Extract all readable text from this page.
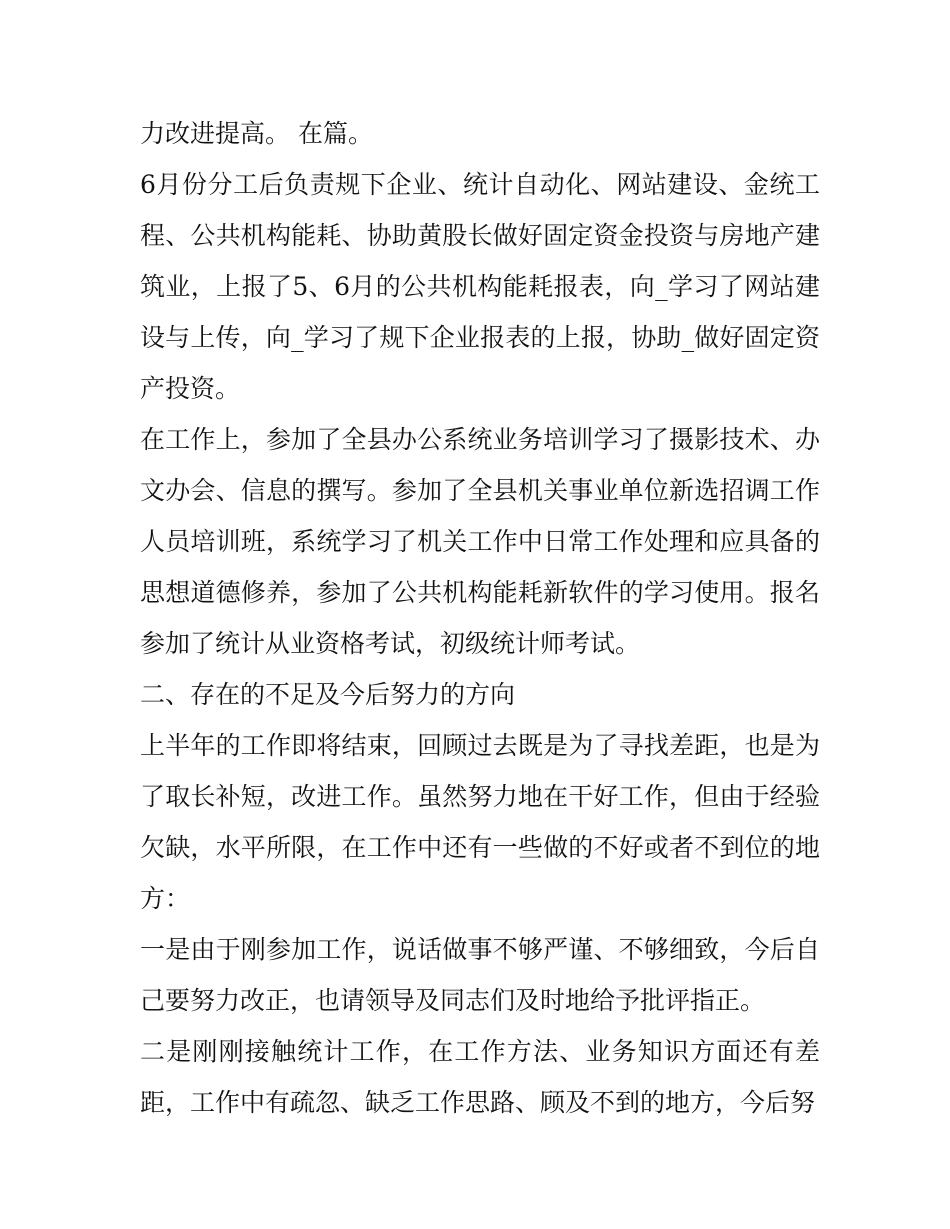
力改进提高。 在篇。

6月份分工后负责规下企业、统计自动化、网站建设、金统工程、公共机构能耗、协助黄股长做好固定资金投资与房地产建筑业，上报了5、6月的公共机构能耗报表，向_学习了网站建设与上传，向_学习了规下企业报表的上报，协助_做好固定资产投资。

在工作上，参加了全县办公系统业务培训学习了摄影技术、办文办会、信息的撰写。参加了全县机关事业单位新选招调工作人员培训班，系统学习了机关工作中日常工作处理和应具备的思想道德修养，参加了公共机构能耗新软件的学习使用。报名参加了统计从业资格考试，初级统计师考试。

二、存在的不足及今后努力的方向

上半年的工作即将结束，回顾过去既是为了寻找差距，也是为了取长补短，改进工作。虽然努力地在干好工作，但由于经验欠缺，水平所限，在工作中还有一些做的不好或者不到位的地方：

一是由于刚参加工作，说话做事不够严谨、不够细致，今后自己要努力改正，也请领导及同志们及时地给予批评指正。

二是刚刚接触统计工作，在工作方法、业务知识方面还有差距，工作中有疏忽、缺乏工作思路、顾及不到的地方，今后努
